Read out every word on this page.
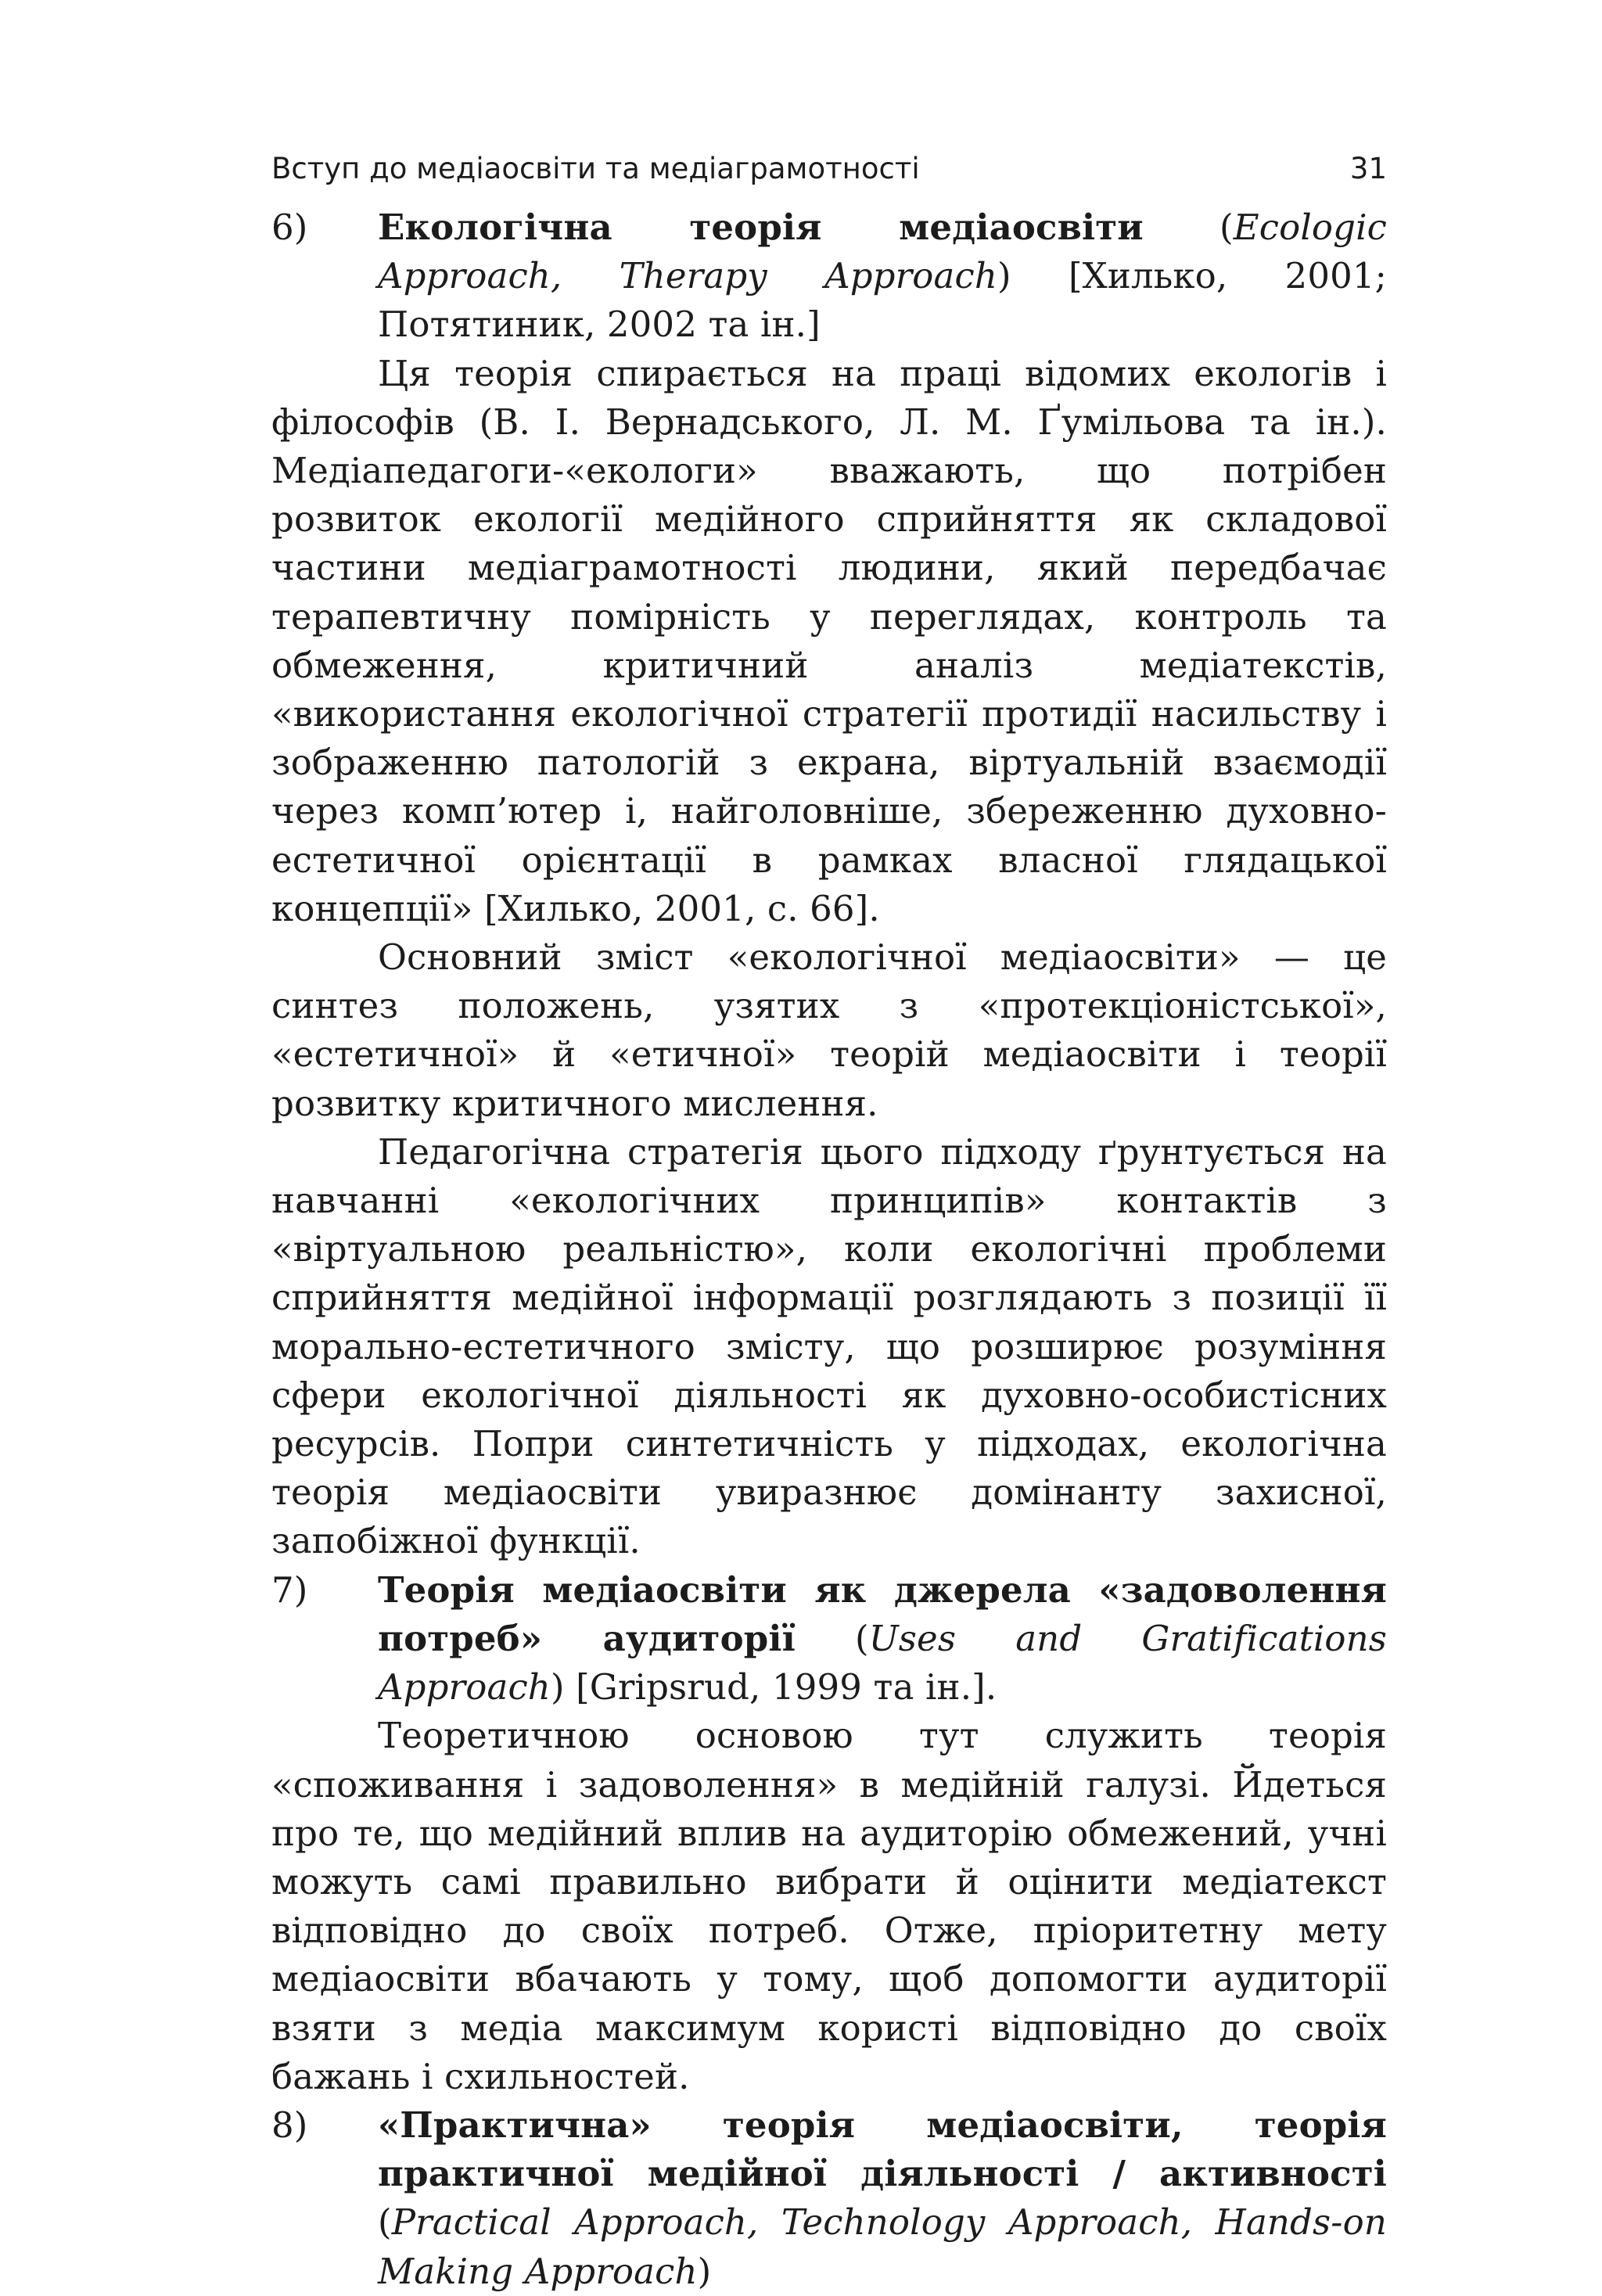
Вступ до медіаосвіти та медіаграмотності	31
6) Екологічна теорія медіаосвіти (Ecologic Approach, Therapy Approach) [Хилько, 2001; Потятиник, 2002 та ін.]

Ця теорія спирається на праці відомих екологів і філософів (В. І. Вернадського, Л. М. Ґумільова та ін.). Медіапедагоги-«екологи» вважають, що потрібен розвиток екології медійного сприйняття як складової частини медіаграмотності людини, який передбачає терапевтичну помірність у переглядах, контроль та обмеження, критичний аналіз медіатекстів, «використання екологічної стратегії протидії насильству і зображенню патологій з екрана, віртуальній взаємодії через комп’ютер і, найголовніше, збереженню духовно-естетичної орієнтації в рамках власної глядацької концепції» [Хилько, 2001, с. 66].

Основний зміст «екологічної медіаосвіти» — це синтез положень, узятих з «протекціоністської», «естетичної» й «етичної» теорій медіаосвіти і теорії розвитку критичного мислення.

Педагогічна стратегія цього підходу ґрунтується на навчанні «екологічних принципів» контактів з «віртуальною реальністю», коли екологічні проблеми сприйняття медійної інформації розглядають з позиції її морально-естетичного змісту, що розширює розуміння сфери екологічної діяльності як духовно-особистісних ресурсів. Попри синтетичність у підходах, екологічна теорія медіаосвіти увиразнює домінанту захисної, запобіжної функції.

7) Теорія медіаосвіти як джерела «задоволення потреб» аудиторії (Uses and Gratifications Approach) [Gripsrud, 1999 та ін.].

Теоретичною основою тут служить теорія «споживання і задоволення» в медійній галузі. Йдеться про те, що медійний вплив на аудиторію обмежений, учні можуть самі правильно вибрати й оцінити медіатекст відповідно до своїх потреб. Отже, пріоритетну мету медіаосвіти вбачають у тому, щоб допомогти аудиторії взяти з медіа максимум користі відповідно до своїх бажань і схильностей.

8) «Практична» теорія медіаосвіти, теорія практичної медійної діяльності / активності (Practical Approach, Technology Approach, Hands-on Making Approach)
